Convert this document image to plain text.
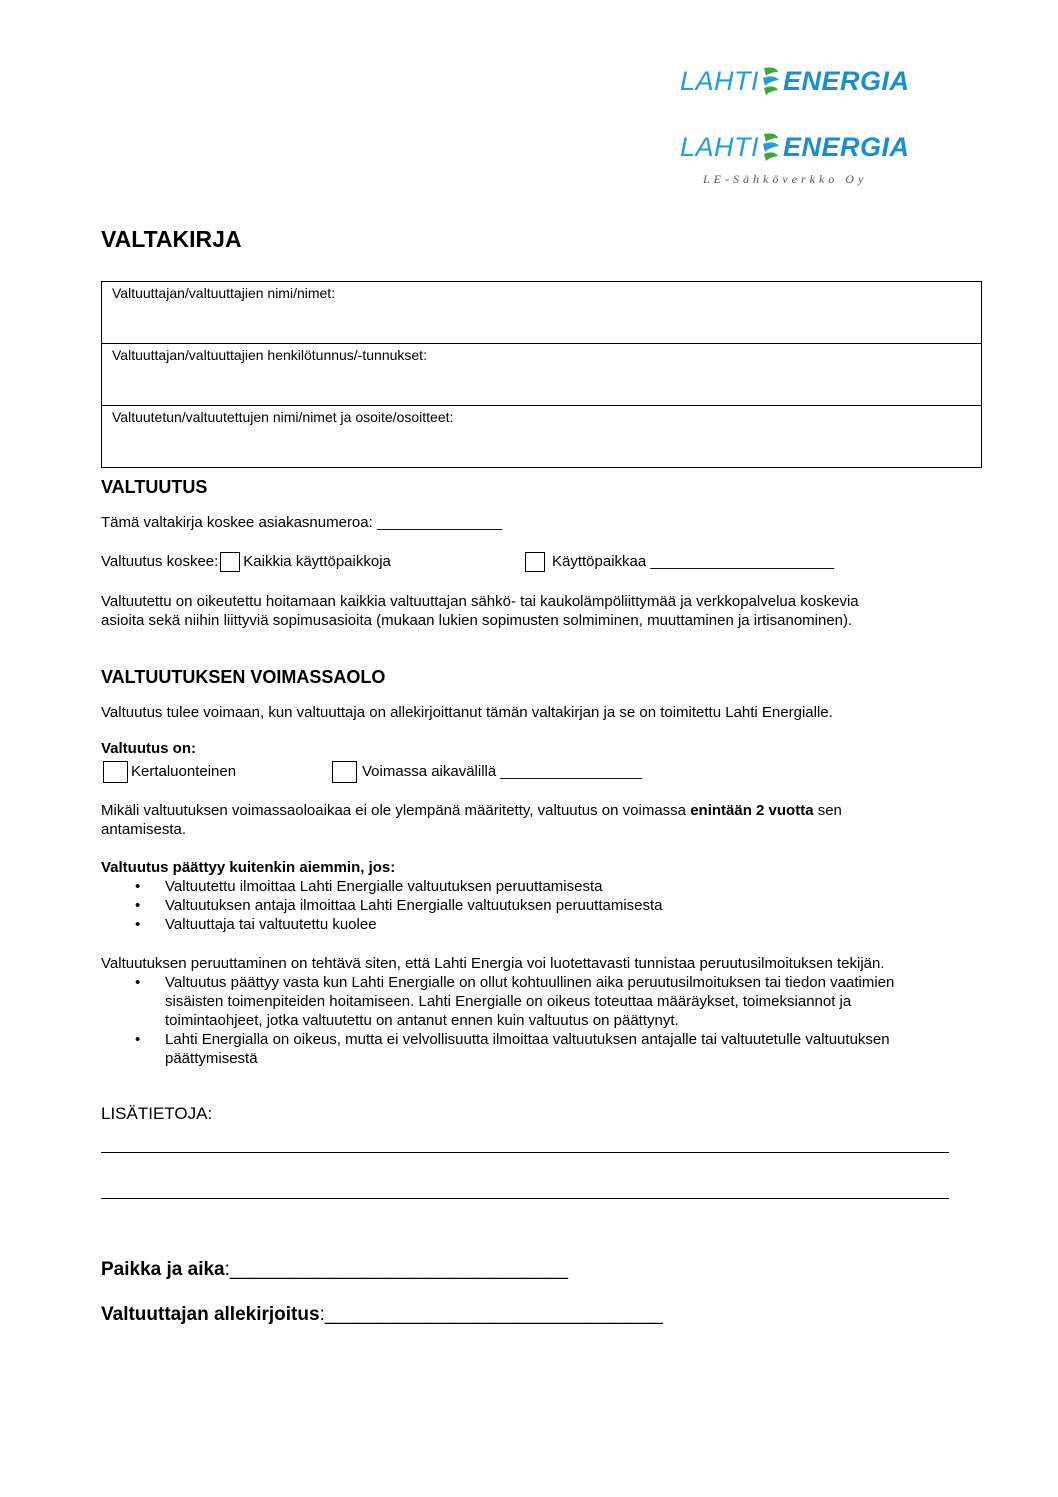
LAHTI ENERGIA
LAHTI ENERGIA
LE-Sähköverkko Oy
VALTAKIRJA
Valtuuttajan/valtuuttajien nimi/nimet:
Valtuuttajan/valtuuttajien henkilötunnus/-tunnukset:
Valtuutetun/valtuutettujen nimi/nimet ja osoite/osoitteet:
VALTUUTUS
Tämä valtakirja koskee asiakasnumeroa: _______________
Valtuutus koskee: Kaikkia käyttöpaikkoja	Käyttöpaikkaa ______________________
Valtuutettu on oikeutettu hoitamaan kaikkia valtuuttajan sähkö- tai kaukolämpöliittymää ja verkkopalvelua koskevia
asioita sekä niihin liittyviä sopimusasioita (mukaan lukien sopimusten solmiminen, muuttaminen ja irtisanominen).
VALTUUTUKSEN VOIMASSAOLO
Valtuutus tulee voimaan, kun valtuuttaja on allekirjoittanut tämän valtakirjan ja se on toimitettu Lahti Energialle.
Valtuutus on:
Kertaluonteinen	Voimassa aikavälillä _________________
Mikäli valtuutuksen voimassaoloaikaa ei ole ylempänä määritetty, valtuutus on voimassa enintään 2 vuotta sen
antamisesta.
Valtuutus päättyy kuitenkin aiemmin, jos:
• Valtuutettu ilmoittaa Lahti Energialle valtuutuksen peruuttamisesta
• Valtuutuksen antaja ilmoittaa Lahti Energialle valtuutuksen peruuttamisesta
• Valtuuttaja tai valtuutettu kuolee
Valtuutuksen peruuttaminen on tehtävä siten, että Lahti Energia voi luotettavasti tunnistaa peruutusilmoituksen tekijän.
• Valtuutus päättyy vasta kun Lahti Energialle on ollut kohtuullinen aika peruutusilmoituksen tai tiedon vaatimien sisäisten toimenpiteiden hoitamiseen. Lahti Energialle on oikeus toteuttaa määräykset, toimeksiannot ja toimintaohjeet, jotka valtuutettu on antanut ennen kuin valtuutus on päättynyt.
• Lahti Energialla on oikeus, mutta ei velvollisuutta ilmoittaa valtuutuksen antajalle tai valtuutetulle valtuutuksen päättymisestä
LISÄTIETOJA:
Paikka ja aika:________________________________
Valtuuttajan allekirjoitus:________________________________
